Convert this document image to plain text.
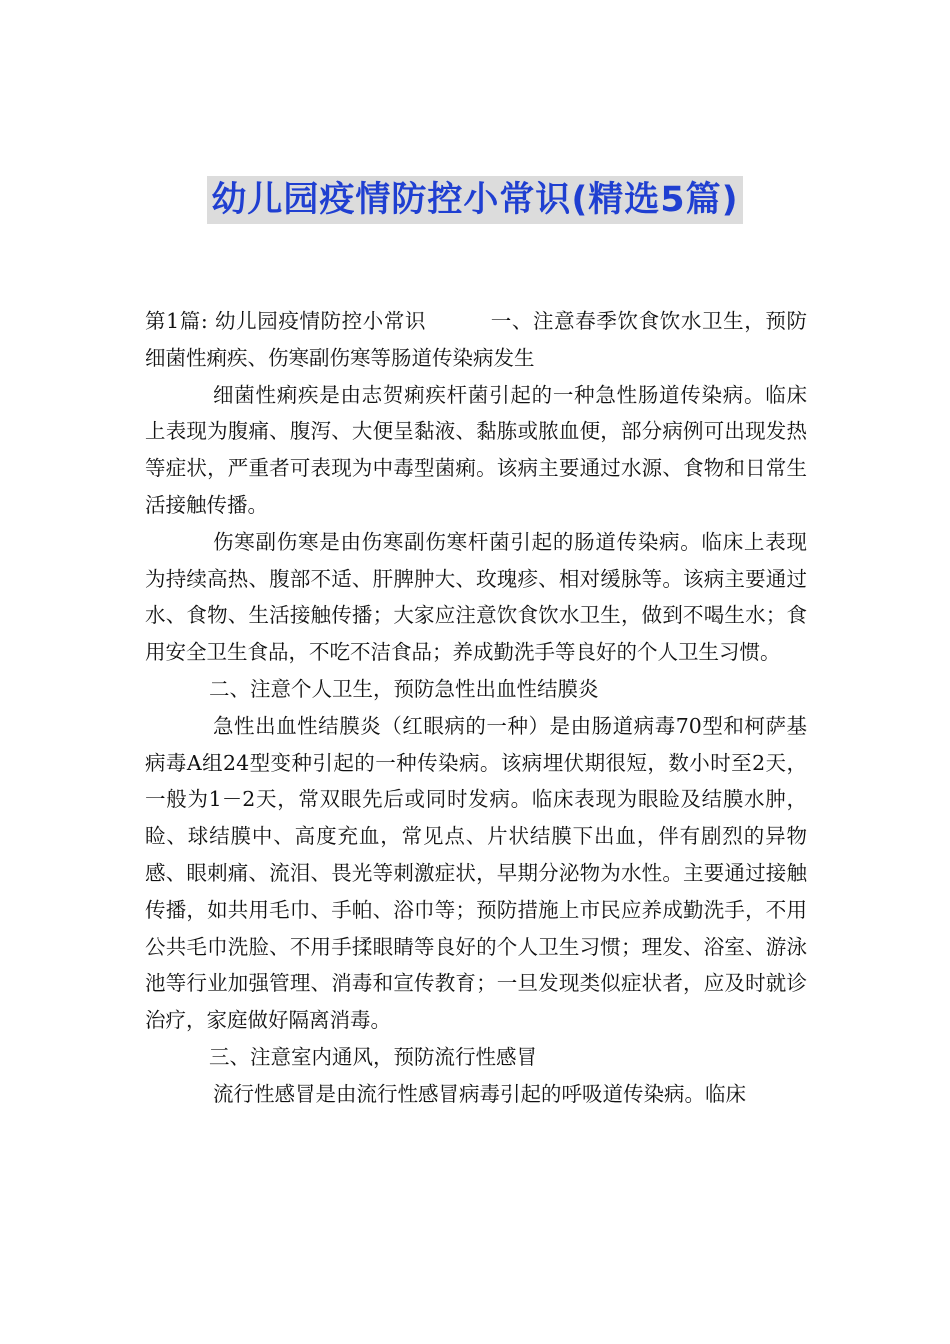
幼儿园疫情防控小常识(精选5篇)

第1篇: 幼儿园疫情防控小常识	一、注意春季饮食饮水卫生，预防细菌性痢疾、伤寒副伤寒等肠道传染病发生

细菌性痢疾是由志贺痢疾杆菌引起的一种急性肠道传染病。临床上表现为腹痛、腹泻、大便呈黏液、黏胨或脓血便，部分病例可出现发热等症状，严重者可表现为中毒型菌痢。该病主要通过水源、食物和日常生活接触传播。

伤寒副伤寒是由伤寒副伤寒杆菌引起的肠道传染病。临床上表现为持续高热、腹部不适、肝脾肿大、玫瑰疹、相对缓脉等。该病主要通过水、食物、生活接触传播；大家应注意饮食饮水卫生，做到不喝生水；食用安全卫生食品，不吃不洁食品；养成勤洗手等良好的个人卫生习惯。

二、注意个人卫生，预防急性出血性结膜炎

急性出血性结膜炎（红眼病的一种）是由肠道病毒70型和柯萨基病毒A组24型变种引起的一种传染病。该病埋伏期很短，数小时至2天，一般为1－2天，常双眼先后或同时发病。临床表现为眼睑及结膜水肿，睑、球结膜中、高度充血，常见点、片状结膜下出血，伴有剧烈的异物感、眼刺痛、流泪、畏光等刺激症状，早期分泌物为水性。主要通过接触传播，如共用毛巾、手帕、浴巾等；预防措施上市民应养成勤洗手，不用公共毛巾洗脸、不用手揉眼睛等良好的个人卫生习惯；理发、浴室、游泳池等行业加强管理、消毒和宣传教育；一旦发现类似症状者，应及时就诊治疗，家庭做好隔离消毒。

三、注意室内通风，预防流行性感冒

流行性感冒是由流行性感冒病毒引起的呼吸道传染病。临床
